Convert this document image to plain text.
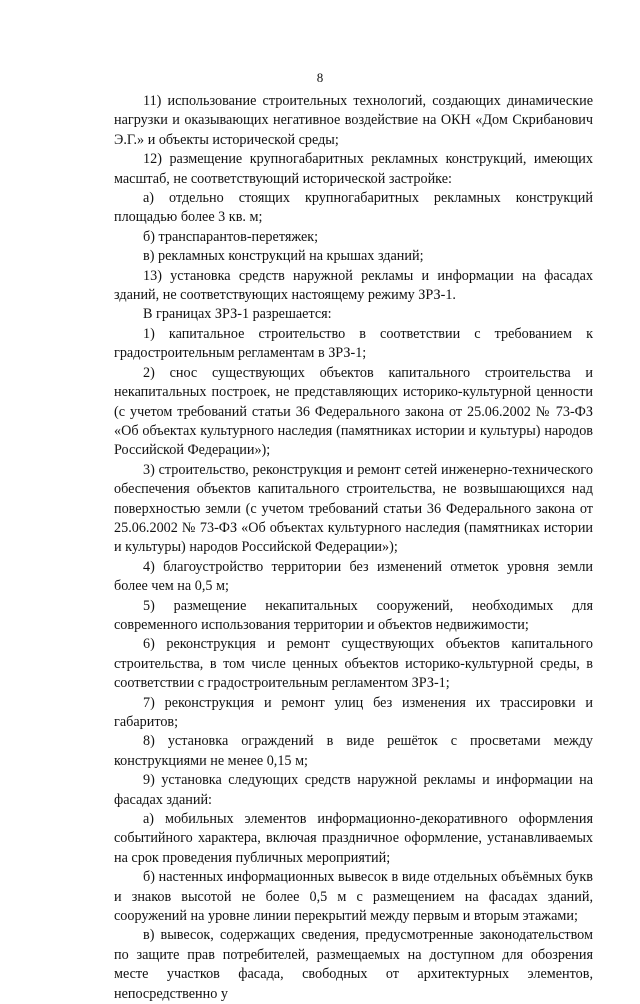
8

11) использование строительных технологий, создающих динамические нагрузки и оказывающих негативное воздействие на ОКН «Дом Скрибанович Э.Г.» и объекты исторической среды;

12) размещение крупногабаритных рекламных конструкций, имеющих масштаб, не соответствующий исторической застройке:

а) отдельно стоящих крупногабаритных рекламных конструкций площадью более 3 кв. м;

б) транспарантов-перетяжек;

в) рекламных конструкций на крышах зданий;

13) установка средств наружной рекламы и информации на фасадах зданий, не соответствующих настоящему режиму ЗРЗ-1.

В границах ЗРЗ-1 разрешается:

1) капитальное строительство в соответствии с требованием к градостроительным регламентам в ЗРЗ-1;

2) снос существующих объектов капитального строительства и некапитальных построек, не представляющих историко-культурной ценности (с учетом требований статьи 36 Федерального закона от 25.06.2002 № 73-ФЗ «Об объектах культурного наследия (памятниках истории и культуры) народов Российской Федерации»);

3) строительство, реконструкция и ремонт сетей инженерно-технического обеспечения объектов капитального строительства, не возвышающихся над поверхностью земли (с учетом требований статьи 36 Федерального закона от 25.06.2002 № 73-ФЗ «Об объектах культурного наследия (памятниках истории и культуры) народов Российской Федерации»);

4) благоустройство территории без изменений отметок уровня земли более чем на 0,5 м;

5) размещение некапитальных сооружений, необходимых для современного использования территории и объектов недвижимости;

6) реконструкция и ремонт существующих объектов капитального строительства, в том числе ценных объектов историко-культурной среды, в соответствии с градостроительным регламентом ЗРЗ-1;

7) реконструкция и ремонт улиц без изменения их трассировки и габаритов;

8) установка ограждений в виде решёток с просветами между конструкциями не менее 0,15 м;

9) установка следующих средств наружной рекламы и информации на фасадах зданий:

а) мобильных элементов информационно-декоративного оформления событийного характера, включая праздничное оформление, устанавливаемых на срок проведения публичных мероприятий;

б) настенных информационных вывесок в виде отдельных объёмных букв и знаков высотой не более 0,5 м с размещением на фасадах зданий, сооружений на уровне линии перекрытий между первым и вторым этажами;

в) вывесок, содержащих сведения, предусмотренные законодательством по защите прав потребителей, размещаемых на доступном для обозрения месте участков фасада, свободных от архитектурных элементов, непосредственно у
